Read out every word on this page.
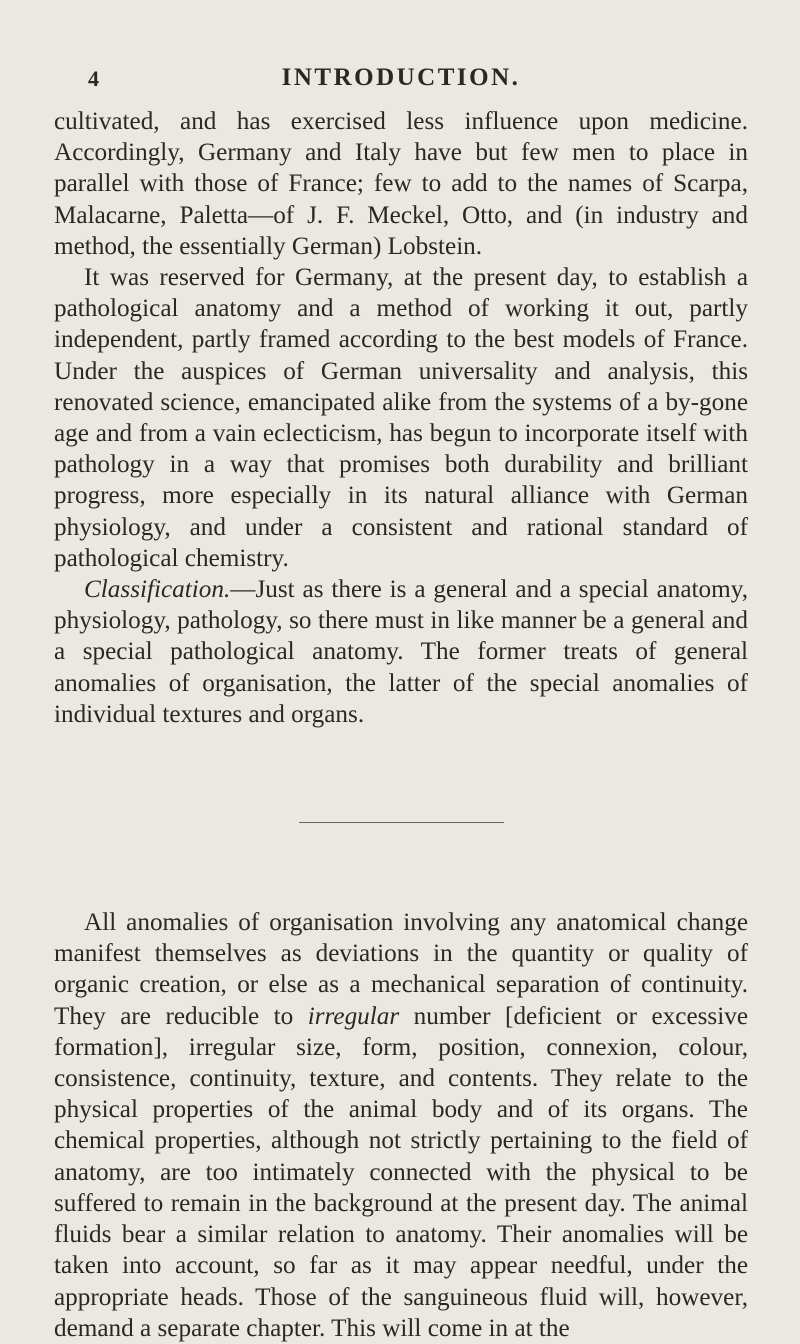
4	INTRODUCTION.

cultivated, and has exercised less influence upon medicine. Accordingly, Germany and Italy have but few men to place in parallel with those of France; few to add to the names of Scarpa, Malacarne, Paletta—of J. F. Meckel, Otto, and (in industry and method, the essentially German) Lobstein.

It was reserved for Germany, at the present day, to establish a pathological anatomy and a method of working it out, partly independent, partly framed according to the best models of France. Under the auspices of German universality and analysis, this renovated science, emancipated alike from the systems of a by-gone age and from a vain eclecticism, has begun to incorporate itself with pathology in a way that promises both durability and brilliant progress, more especially in its natural alliance with German physiology, and under a consistent and rational standard of pathological chemistry.

Classification.—Just as there is a general and a special anatomy, physiology, pathology, so there must in like manner be a general and a special pathological anatomy. The former treats of general anomalies of organisation, the latter of the special anomalies of individual textures and organs.

All anomalies of organisation involving any anatomical change manifest themselves as deviations in the quantity or quality of organic creation, or else as a mechanical separation of continuity. They are reducible to irregular number [deficient or excessive formation], irregular size, form, position, connexion, colour, consistence, continuity, texture, and contents. They relate to the physical properties of the animal body and of its organs. The chemical properties, although not strictly pertaining to the field of anatomy, are too intimately connected with the physical to be suffered to remain in the background at the present day. The animal fluids bear a similar relation to anatomy. Their anomalies will be taken into account, so far as it may appear needful, under the appropriate heads. Those of the sanguineous fluid will, however, demand a separate chapter. This will come in at the
